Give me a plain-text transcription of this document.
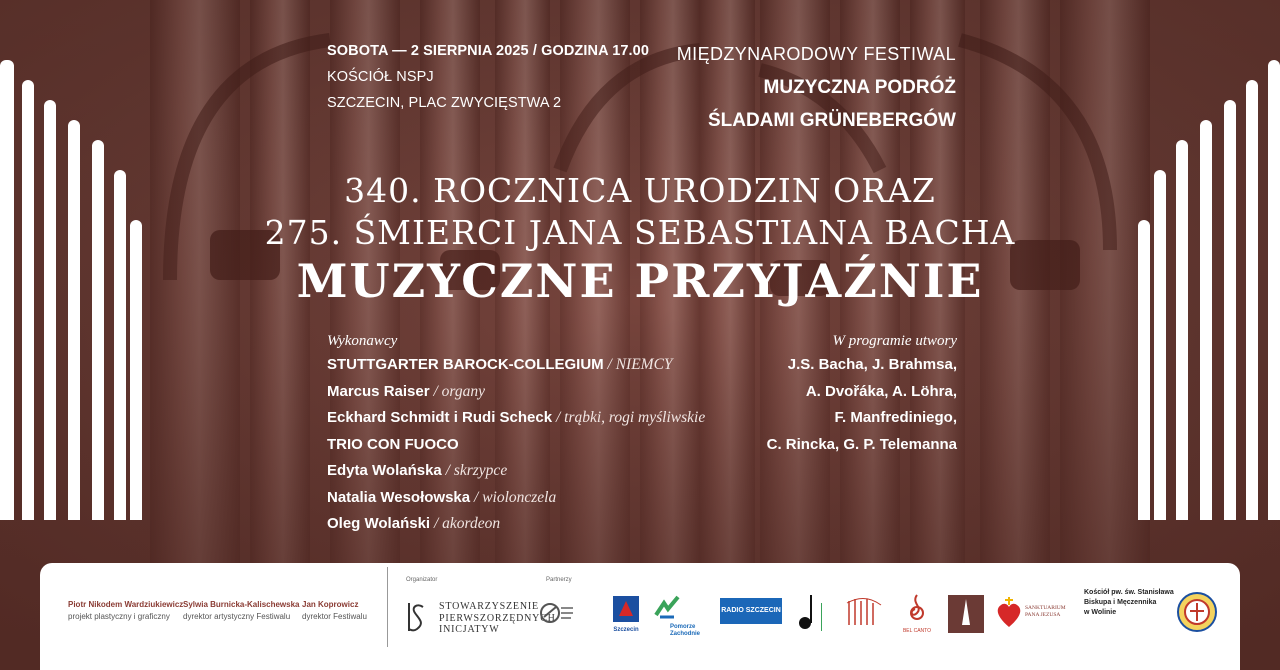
SOBOTA — 2 SIERPNIA 2025 / GODZINA 17.00
KOŚCIÓŁ NSPJ
SZCZECIN, PLAC ZWYCIĘSTWA 2
MIĘDZYNARODOWY FESTIWAL
MUZYCZNA PODRÓŻ
ŚLADAMI GRÜNEBERGÓW
340. ROCZNICA URODZIN ORAZ
275. ŚMIERCI JANA SEBASTIANA BACHA
MUZYCZNE PRZYJAŹNIE
Wykonawcy
STUTTGARTER BAROCK-COLLEGIUM / NIEMCY
Marcus Raiser / organy
Eckhard Schmidt i Rudi Scheck / trąbki, rogi myśliwskie
TRIO CON FUOCO
Edyta Wolańska / skrzypce
Natalia Wesołowska / wiolonczela
Oleg Wolański / akordeon
W programie utwory
J.S. Bacha, J. Brahmsa,
A. Dvořáka, A. Löhra,
F. Manfrediniego,
C. Rincka, G. P. Telemanna
Piotr Nikodem Wardziukiewicz
projekt plastyczny i graficzny
Sylwia Burnicka-Kalischewska
dyrektor artystyczny Festiwalu
Jan Koprowicz
dyrektor Festiwalu
Organizator	Partnerzy
STOWARZYSZENIE
PIERWSZORZĘDNYCH
INICJATYW	Szczecin	Pomorze Zachodnie
RADIO SZCZECIN
BEL CANTO
SANKTUARIUM PANA JEZUSA
Kościół pw. św. Stanisława
Biskupa i Męczennika
w Wolinie
